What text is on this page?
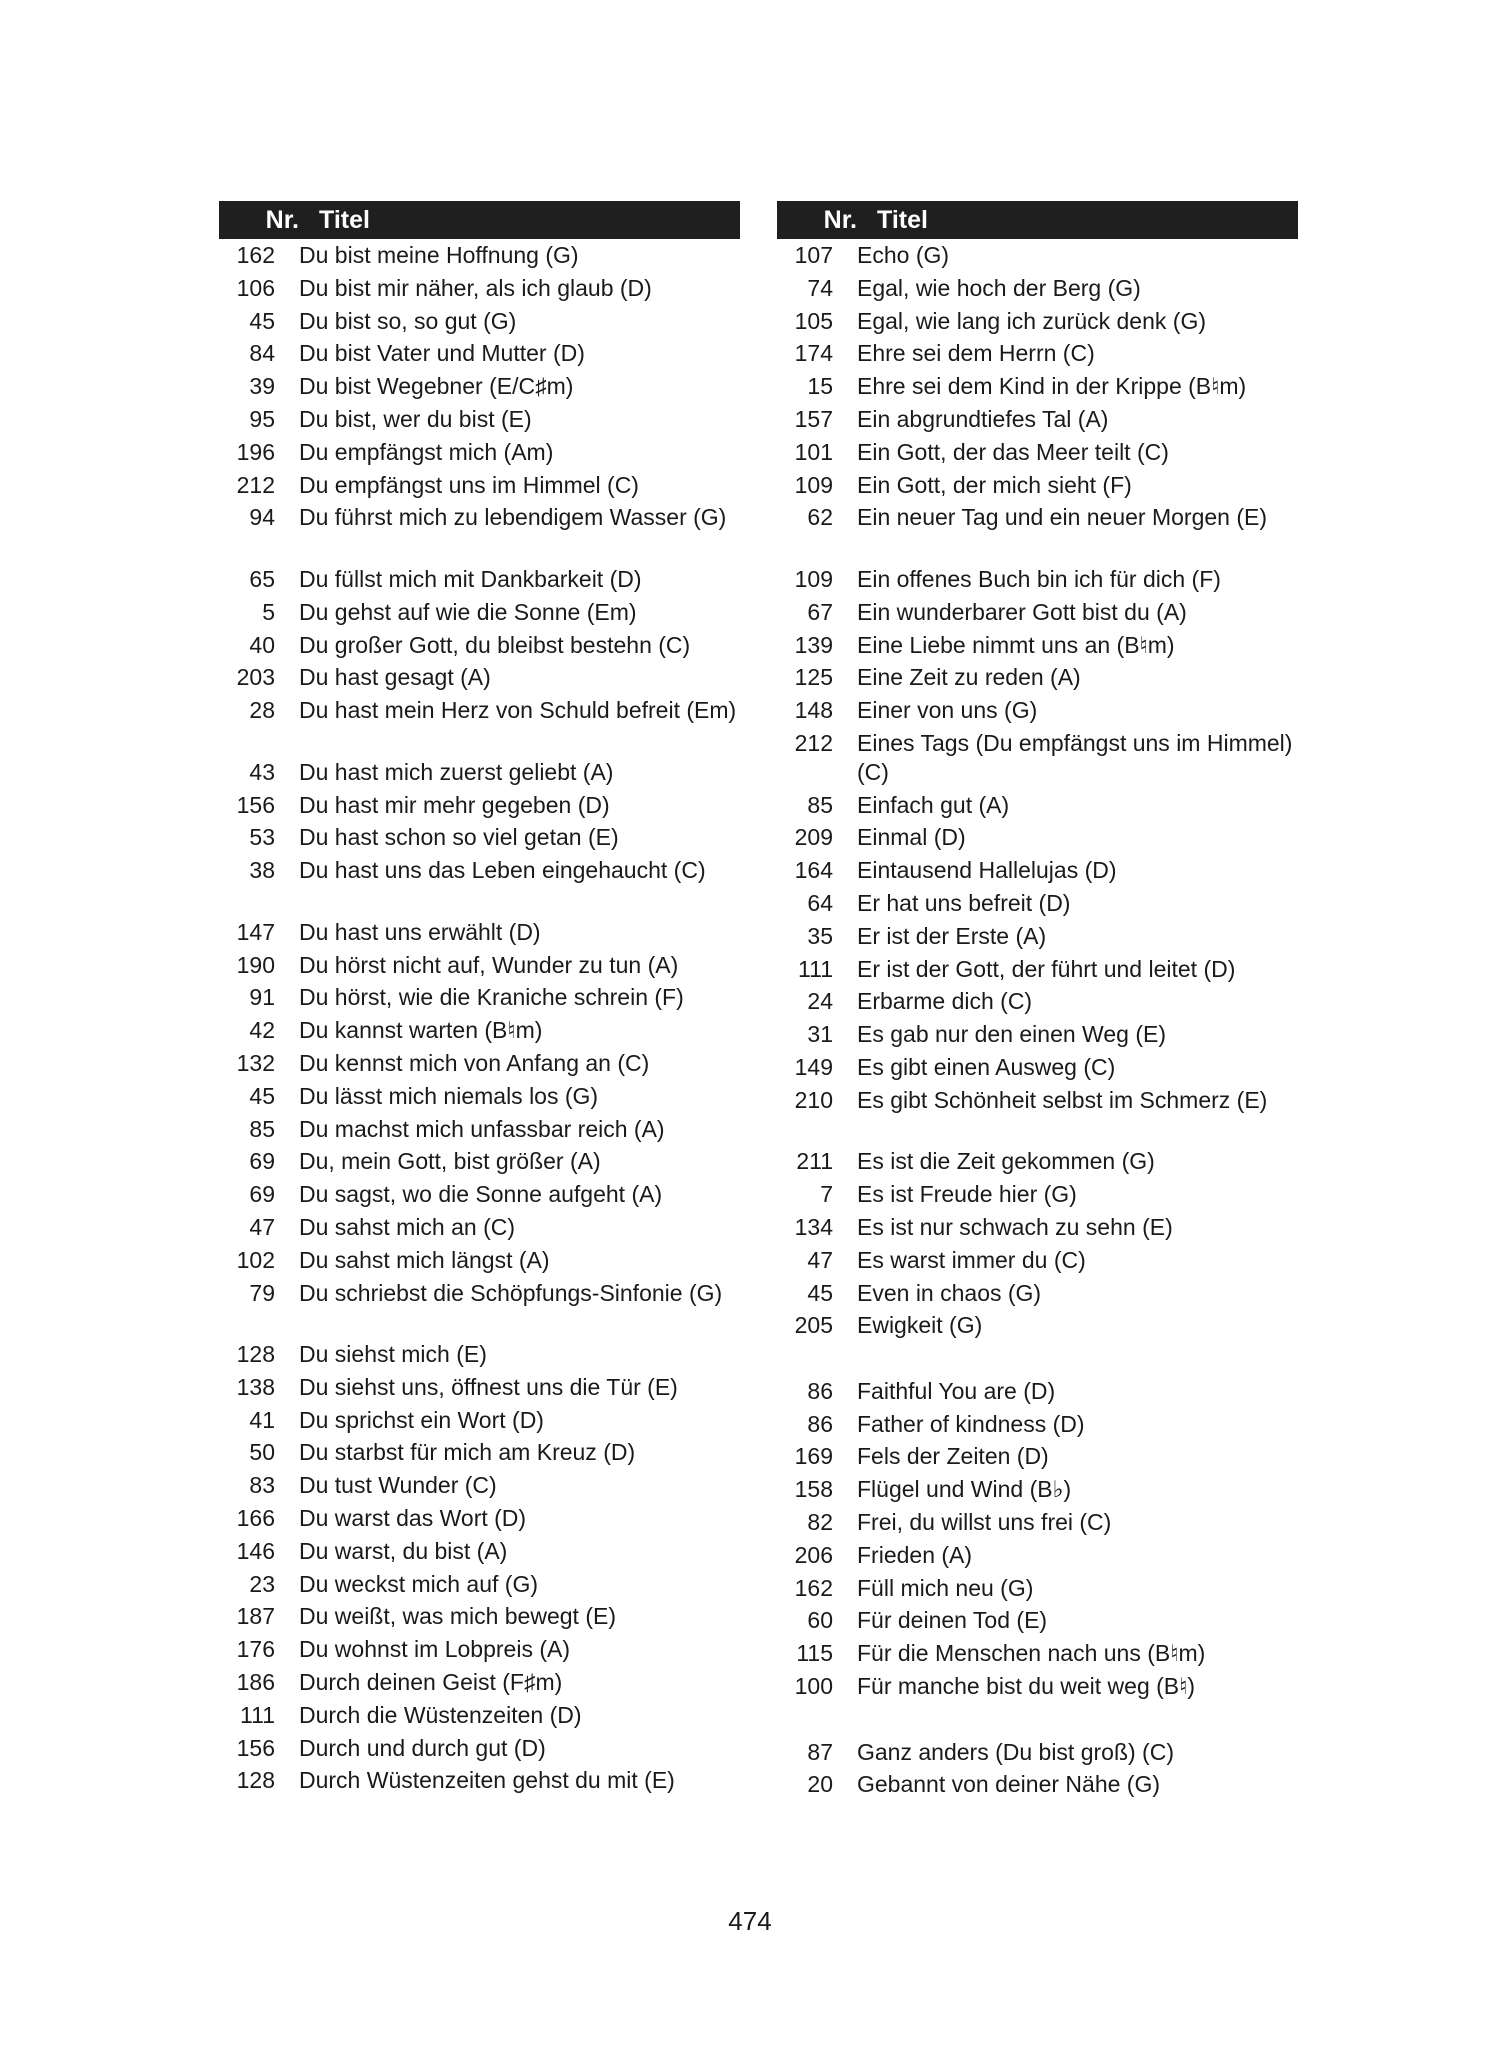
Nr. Titel
162 Du bist meine Hoffnung (G)
106 Du bist mir näher, als ich glaub (D)
45 Du bist so, so gut (G)
84 Du bist Vater und Mutter (D)
39 Du bist Wegebner (E/C♯m)
95 Du bist, wer du bist (E)
196 Du empfängst mich (Am)
212 Du empfängst uns im Himmel (C)
94 Du führst mich zu lebendigem Wasser (G)
65 Du füllst mich mit Dankbarkeit (D)
5 Du gehst auf wie die Sonne (Em)
40 Du großer Gott, du bleibst bestehn (C)
203 Du hast gesagt (A)
28 Du hast mein Herz von Schuld befreit (Em)
43 Du hast mich zuerst geliebt (A)
156 Du hast mir mehr gegeben (D)
53 Du hast schon so viel getan (E)
38 Du hast uns das Leben eingehaucht (C)
147 Du hast uns erwählt (D)
190 Du hörst nicht auf, Wunder zu tun (A)
91 Du hörst, wie die Kraniche schrein (F)
42 Du kannst warten (B♮m)
132 Du kennst mich von Anfang an (C)
45 Du lässt mich niemals los (G)
85 Du machst mich unfassbar reich (A)
69 Du, mein Gott, bist größer (A)
69 Du sagst, wo die Sonne aufgeht (A)
47 Du sahst mich an (C)
102 Du sahst mich längst (A)
79 Du schriebst die Schöpfungs-Sinfonie (G)
128 Du siehst mich (E)
138 Du siehst uns, öffnest uns die Tür (E)
41 Du sprichst ein Wort (D)
50 Du starbst für mich am Kreuz (D)
83 Du tust Wunder (C)
166 Du warst das Wort (D)
146 Du warst, du bist (A)
23 Du weckst mich auf (G)
187 Du weißt, was mich bewegt (E)
176 Du wohnst im Lobpreis (A)
186 Durch deinen Geist (F♯m)
111 Durch die Wüstenzeiten (D)
156 Durch und durch gut (D)
128 Durch Wüstenzeiten gehst du mit (E)
Nr. Titel
107 Echo (G)
74 Egal, wie hoch der Berg (G)
105 Egal, wie lang ich zurück denk (G)
174 Ehre sei dem Herrn (C)
15 Ehre sei dem Kind in der Krippe (B♮m)
157 Ein abgrundtiefes Tal (A)
101 Ein Gott, der das Meer teilt (C)
109 Ein Gott, der mich sieht (F)
62 Ein neuer Tag und ein neuer Morgen (E)
109 Ein offenes Buch bin ich für dich (F)
67 Ein wunderbarer Gott bist du (A)
139 Eine Liebe nimmt uns an (B♮m)
125 Eine Zeit zu reden (A)
148 Einer von uns (G)
212 Eines Tags (Du empfängst uns im Himmel) (C)
85 Einfach gut (A)
209 Einmal (D)
164 Eintausend Hallelujas (D)
64 Er hat uns befreit (D)
35 Er ist der Erste (A)
111 Er ist der Gott, der führt und leitet (D)
24 Erbarme dich (C)
31 Es gab nur den einen Weg (E)
149 Es gibt einen Ausweg (C)
210 Es gibt Schönheit selbst im Schmerz (E)
211 Es ist die Zeit gekommen (G)
7 Es ist Freude hier (G)
134 Es ist nur schwach zu sehn (E)
47 Es warst immer du (C)
45 Even in chaos (G)
205 Ewigkeit (G)
86 Faithful You are (D)
86 Father of kindness (D)
169 Fels der Zeiten (D)
158 Flügel und Wind (B♭)
82 Frei, du willst uns frei (C)
206 Frieden (A)
162 Füll mich neu (G)
60 Für deinen Tod (E)
115 Für die Menschen nach uns (B♮m)
100 Für manche bist du weit weg (B♮)
87 Ganz anders (Du bist groß) (C)
20 Gebannt von deiner Nähe (G)
474
